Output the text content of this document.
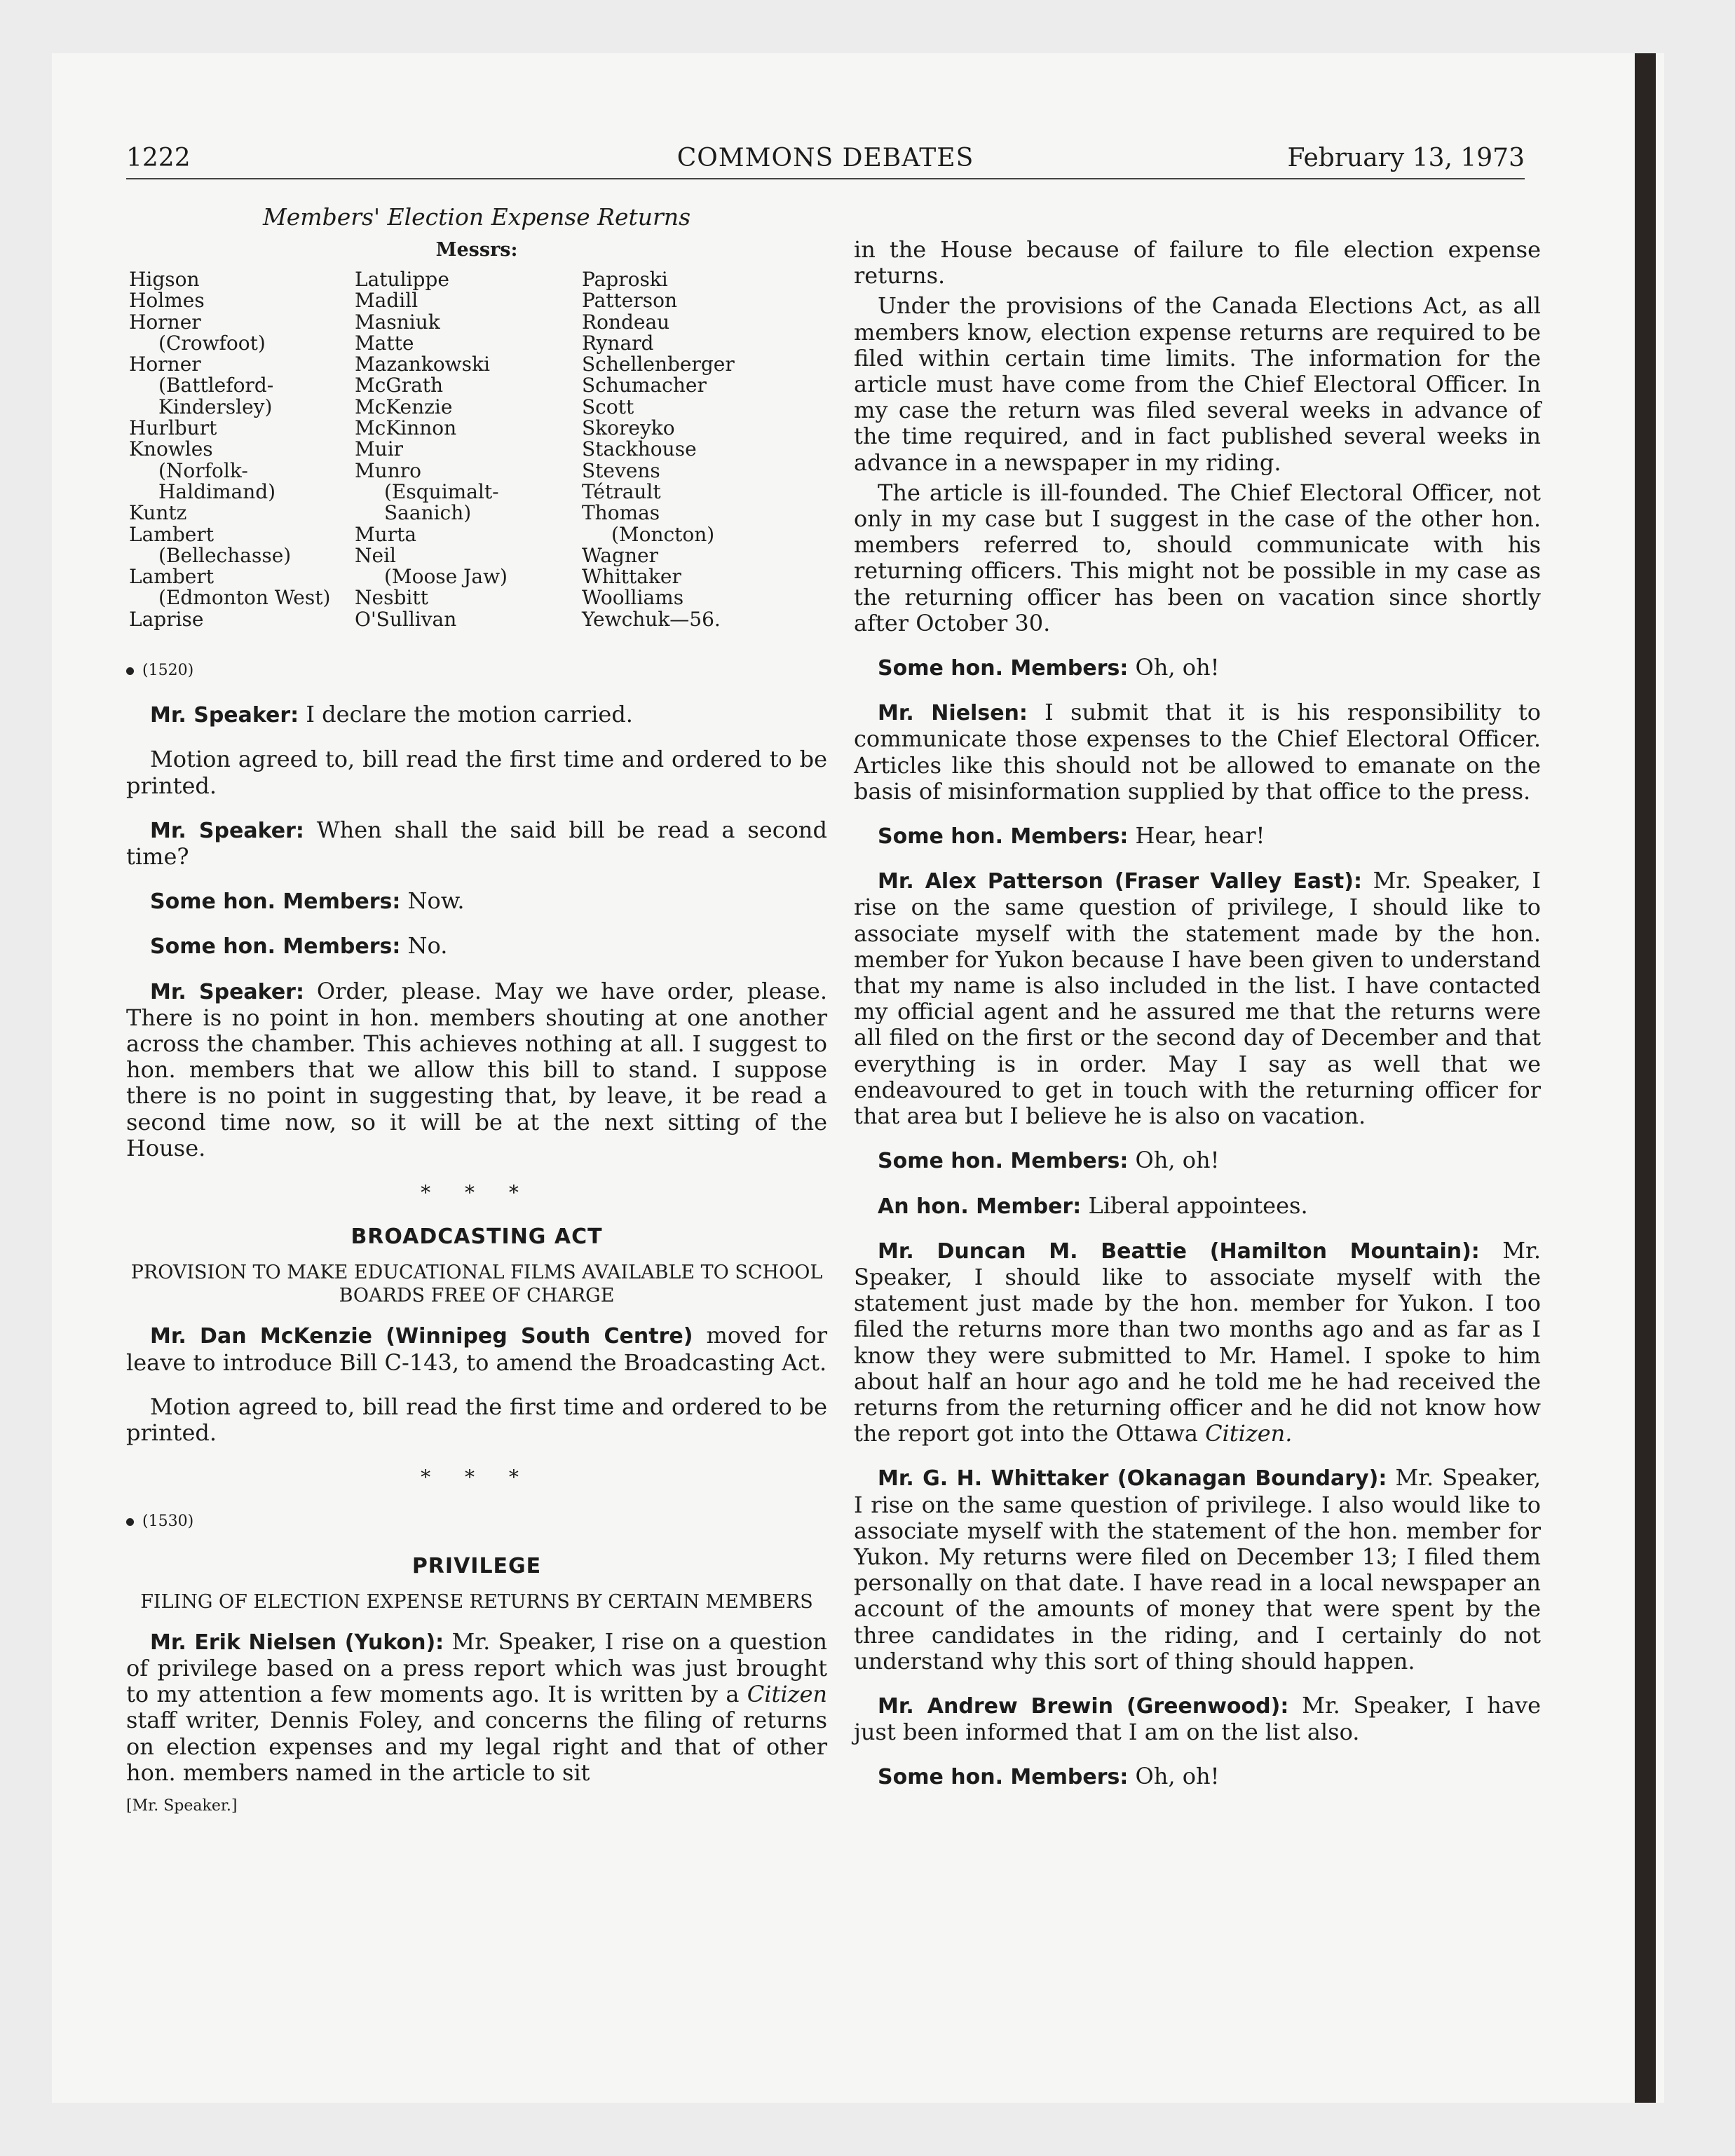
1222	COMMONS DEBATES	February 13, 1973
Members' Election Expense Returns
Messrs:
Higson
Holmes
Horner
(Crowfoot)
Horner
(Battleford-
Kindersley)
Hurlburt
Knowles
(Norfolk-
Haldimand)
Kuntz
Lambert
(Bellechasse)
Lambert
(Edmonton West)
Laprise
Latulippe
Madill
Masniuk
Matte
Mazankowski
McGrath
McKenzie
McKinnon
Muir
Munro
(Esquimalt-
Saanich)
Murta
Neil
(Moose Jaw)
Nesbitt
O'Sullivan
Paproski
Patterson
Rondeau
Rynard
Schellenberger
Schumacher
Scott
Skoreyko
Stackhouse
Stevens
Tétrault
Thomas
(Moncton)
Wagner
Whittaker
Woolliams
Yewchuk—56.

(1520)

Mr. Speaker: I declare the motion carried.

Motion agreed to, bill read the first time and ordered to be printed.

Mr. Speaker: When shall the said bill be read a second time?

Some hon. Members: Now.

Some hon. Members: No.

Mr. Speaker: Order, please. May we have order, please. There is no point in hon. members shouting at one another across the chamber. This achieves nothing at all. I suggest to hon. members that we allow this bill to stand. I suppose there is no point in suggesting that, by leave, it be read a second time now, so it will be at the next sitting of the House.

* * *
BROADCASTING ACT
PROVISION TO MAKE EDUCATIONAL FILMS AVAILABLE TO SCHOOL BOARDS FREE OF CHARGE

Mr. Dan McKenzie (Winnipeg South Centre) moved for leave to introduce Bill C-143, to amend the Broadcasting Act.

Motion agreed to, bill read the first time and ordered to be printed.

* * *

(1530)

PRIVILEGE
FILING OF ELECTION EXPENSE RETURNS BY CERTAIN MEMBERS

Mr. Erik Nielsen (Yukon): Mr. Speaker, I rise on a question of privilege based on a press report which was just brought to my attention a few moments ago. It is written by a Citizen staff writer, Dennis Foley, and concerns the filing of returns on election expenses and my legal right and that of other hon. members named in the article to sit

[Mr. Speaker.]

in the House because of failure to file election expense returns.

Under the provisions of the Canada Elections Act, as all members know, election expense returns are required to be filed within certain time limits. The information for the article must have come from the Chief Electoral Officer. In my case the return was filed several weeks in advance of the time required, and in fact published several weeks in advance in a newspaper in my riding.

The article is ill-founded. The Chief Electoral Officer, not only in my case but I suggest in the case of the other hon. members referred to, should communicate with his returning officers. This might not be possible in my case as the returning officer has been on vacation since shortly after October 30.

Some hon. Members: Oh, oh!

Mr. Nielsen: I submit that it is his responsibility to communicate those expenses to the Chief Electoral Officer. Articles like this should not be allowed to emanate on the basis of misinformation supplied by that office to the press.

Some hon. Members: Hear, hear!

Mr. Alex Patterson (Fraser Valley East): Mr. Speaker, I rise on the same question of privilege, I should like to associate myself with the statement made by the hon. member for Yukon because I have been given to understand that my name is also included in the list. I have contacted my official agent and he assured me that the returns were all filed on the first or the second day of December and that everything is in order. May I say as well that we endeavoured to get in touch with the returning officer for that area but I believe he is also on vacation.

Some hon. Members: Oh, oh!

An hon. Member: Liberal appointees.

Mr. Duncan M. Beattie (Hamilton Mountain): Mr. Speaker, I should like to associate myself with the statement just made by the hon. member for Yukon. I too filed the returns more than two months ago and as far as I know they were submitted to Mr. Hamel. I spoke to him about half an hour ago and he told me he had received the returns from the returning officer and he did not know how the report got into the Ottawa Citizen.

Mr. G. H. Whittaker (Okanagan Boundary): Mr. Speaker, I rise on the same question of privilege. I also would like to associate myself with the statement of the hon. member for Yukon. My returns were filed on December 13; I filed them personally on that date. I have read in a local newspaper an account of the amounts of money that were spent by the three candidates in the riding, and I certainly do not understand why this sort of thing should happen.

Mr. Andrew Brewin (Greenwood): Mr. Speaker, I have just been informed that I am on the list also.

Some hon. Members: Oh, oh!
